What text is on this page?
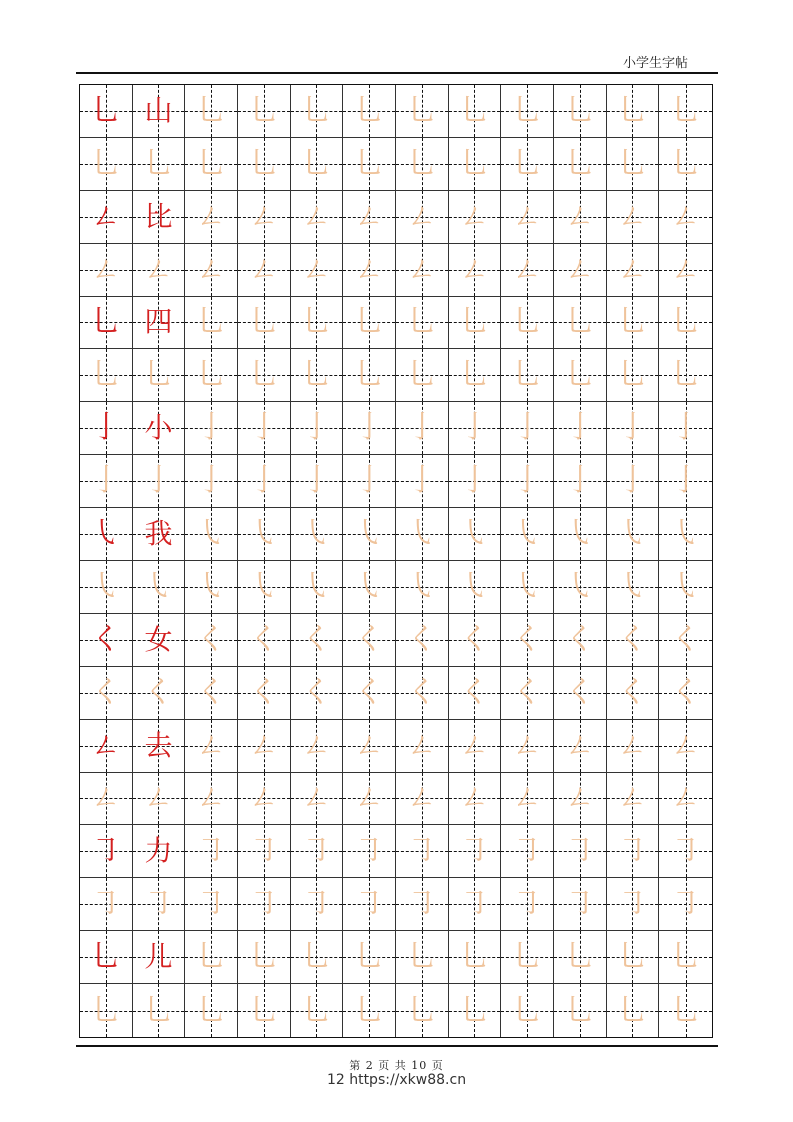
小学生字帖
乚 山 乚 乚 乚 乚 乚 乚 乚 乚 乚 乚
乚 乚 乚 乚 乚 乚 乚 乚 乚 乚 乚 乚
ㄥ 比 ㄥ ㄥ ㄥ ㄥ ㄥ ㄥ ㄥ ㄥ ㄥ ㄥ
ㄥ ㄥ ㄥ ㄥ ㄥ ㄥ ㄥ ㄥ ㄥ ㄥ ㄥ ㄥ
乚 四 乚 乚 乚 乚 乚 乚 乚 乚 乚 乚
乚 乚 乚 乚 乚 乚 乚 乚 乚 乚 乚 乚
亅 小 亅 亅 亅 亅 亅 亅 亅 亅 亅 亅
亅 亅 亅 亅 亅 亅 亅 亅 亅 亅 亅 亅
㇂ 我 ㇂ ㇂ ㇂ ㇂ ㇂ ㇂ ㇂ ㇂ ㇂ ㇂
㇂ ㇂ ㇂ ㇂ ㇂ ㇂ ㇂ ㇂ ㇂ ㇂ ㇂ ㇂
く 女 く く く く く く く く く く
く く く く く く く く く く く く
ㄥ 去 ㄥ ㄥ ㄥ ㄥ ㄥ ㄥ ㄥ ㄥ ㄥ ㄥ
ㄥ ㄥ ㄥ ㄥ ㄥ ㄥ ㄥ ㄥ ㄥ ㄥ ㄥ ㄥ
㇆ 力 ㇆ ㇆ ㇆ ㇆ ㇆ ㇆ ㇆ ㇆ ㇆ ㇆
㇆ ㇆ ㇆ ㇆ ㇆ ㇆ ㇆ ㇆ ㇆ ㇆ ㇆ ㇆
乚 儿 乚 乚 乚 乚 乚 乚 乚 乚 乚 乚
乚 乚 乚 乚 乚 乚 乚 乚 乚 乚 乚 乚
第 2 页 共 10 页
12 https://xkw88.cn
